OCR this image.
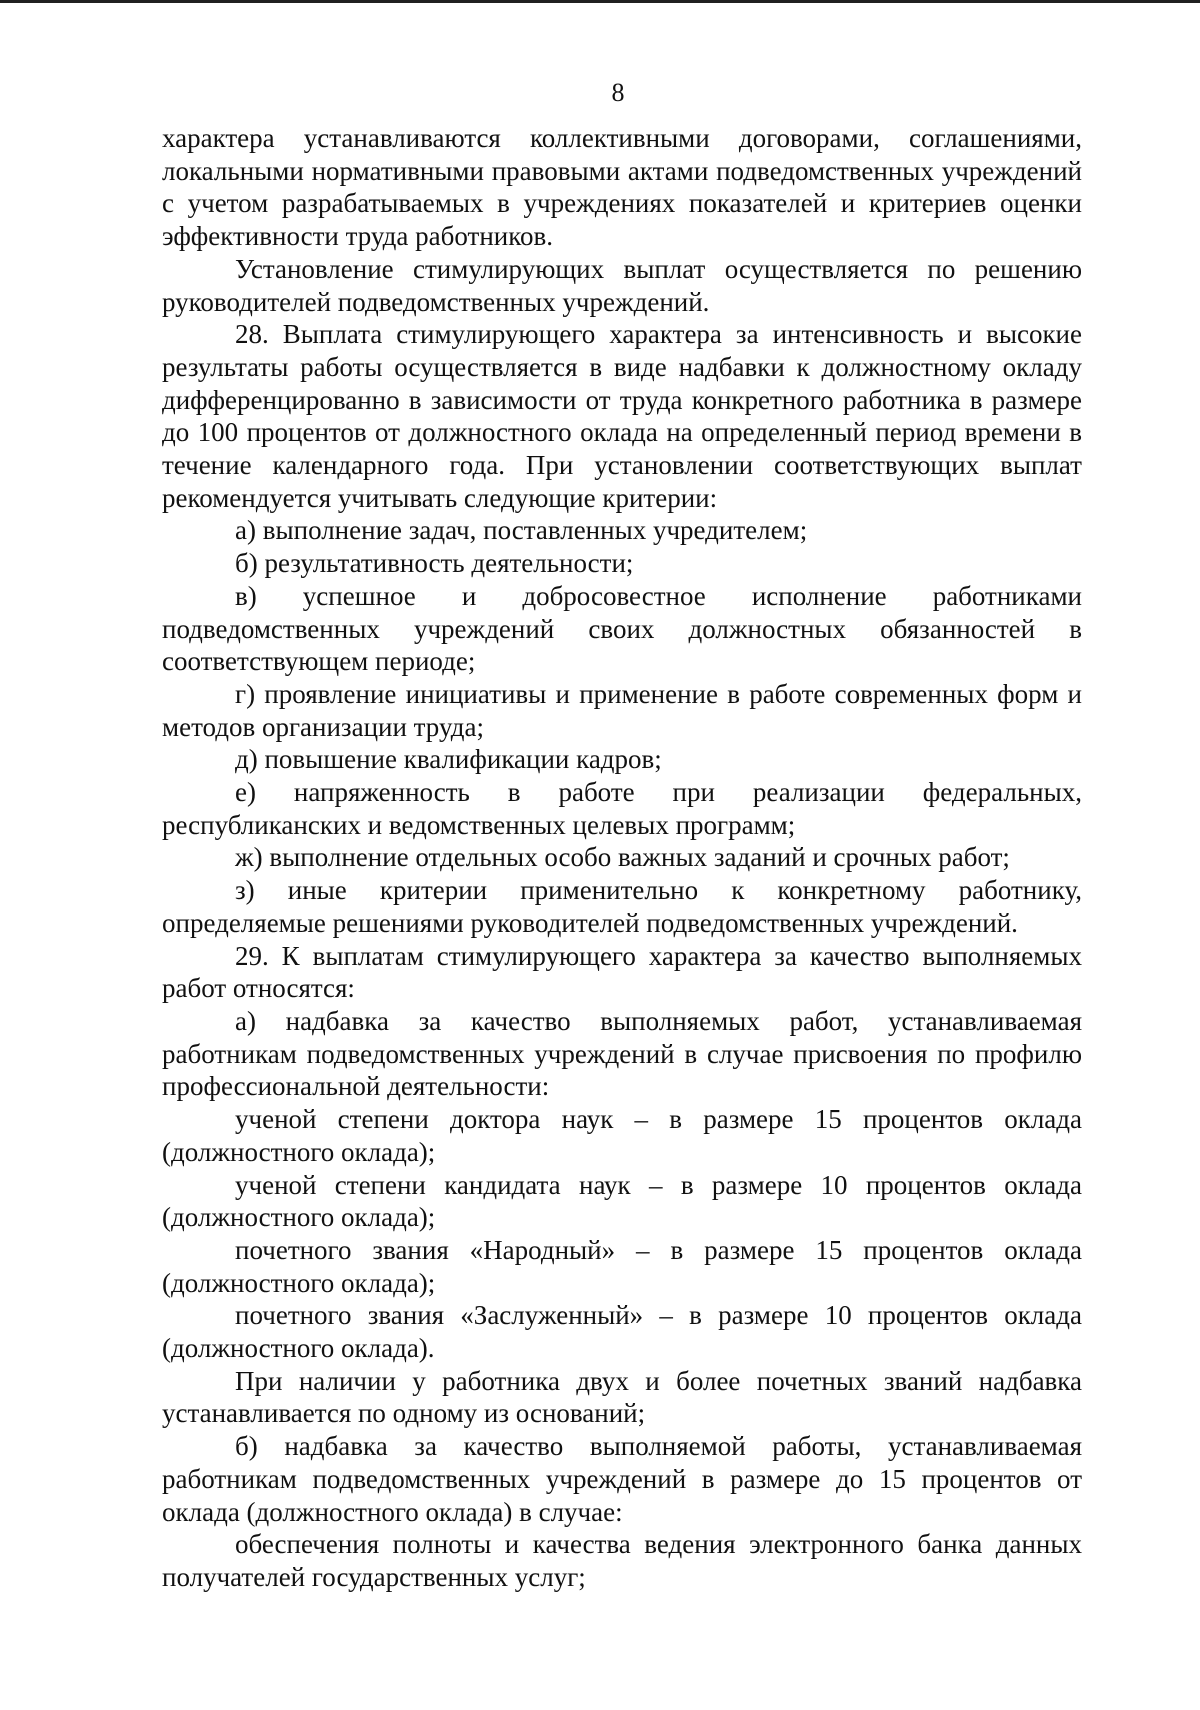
8

характера устанавливаются коллективными договорами, соглашениями, локальными нормативными правовыми актами подведомственных учреждений с учетом разрабатываемых в учреждениях показателей и критериев оценки эффективности труда работников.

Установление стимулирующих выплат осуществляется по решению руководителей подведомственных учреждений.

28. Выплата стимулирующего характера за интенсивность и высокие результаты работы осуществляется в виде надбавки к должностному окладу дифференцированно в зависимости от труда конкретного работника в размере до 100 процентов от должностного оклада на определенный период времени в течение календарного года. При установлении соответствующих выплат рекомендуется учитывать следующие критерии:

а) выполнение задач, поставленных учредителем;

б) результативность деятельности;

в) успешное и добросовестное исполнение работниками подведомственных учреждений своих должностных обязанностей в соответствующем периоде;

г) проявление инициативы и применение в работе современных форм и методов организации труда;

д) повышение квалификации кадров;

е) напряженность в работе при реализации федеральных, республиканских и ведомственных целевых программ;

ж) выполнение отдельных особо важных заданий и срочных работ;

з) иные критерии применительно к конкретному работнику, определяемые решениями руководителей подведомственных учреждений.

29. К выплатам стимулирующего характера за качество выполняемых работ относятся:

а) надбавка за качество выполняемых работ, устанавливаемая работникам подведомственных учреждений в случае присвоения по профилю профессиональной деятельности:

ученой степени доктора наук – в размере 15 процентов оклада (должностного оклада);

ученой степени кандидата наук – в размере 10 процентов оклада (должностного оклада);

почетного звания «Народный» – в размере 15 процентов оклада (должностного оклада);

почетного звания «Заслуженный» – в размере 10 процентов оклада (должностного оклада).

При наличии у работника двух и более почетных званий надбавка устанавливается по одному из оснований;

б) надбавка за качество выполняемой работы, устанавливаемая работникам подведомственных учреждений в размере до 15 процентов от оклада (должностного оклада) в случае:

обеспечения полноты и качества ведения электронного банка данных получателей государственных услуг;
